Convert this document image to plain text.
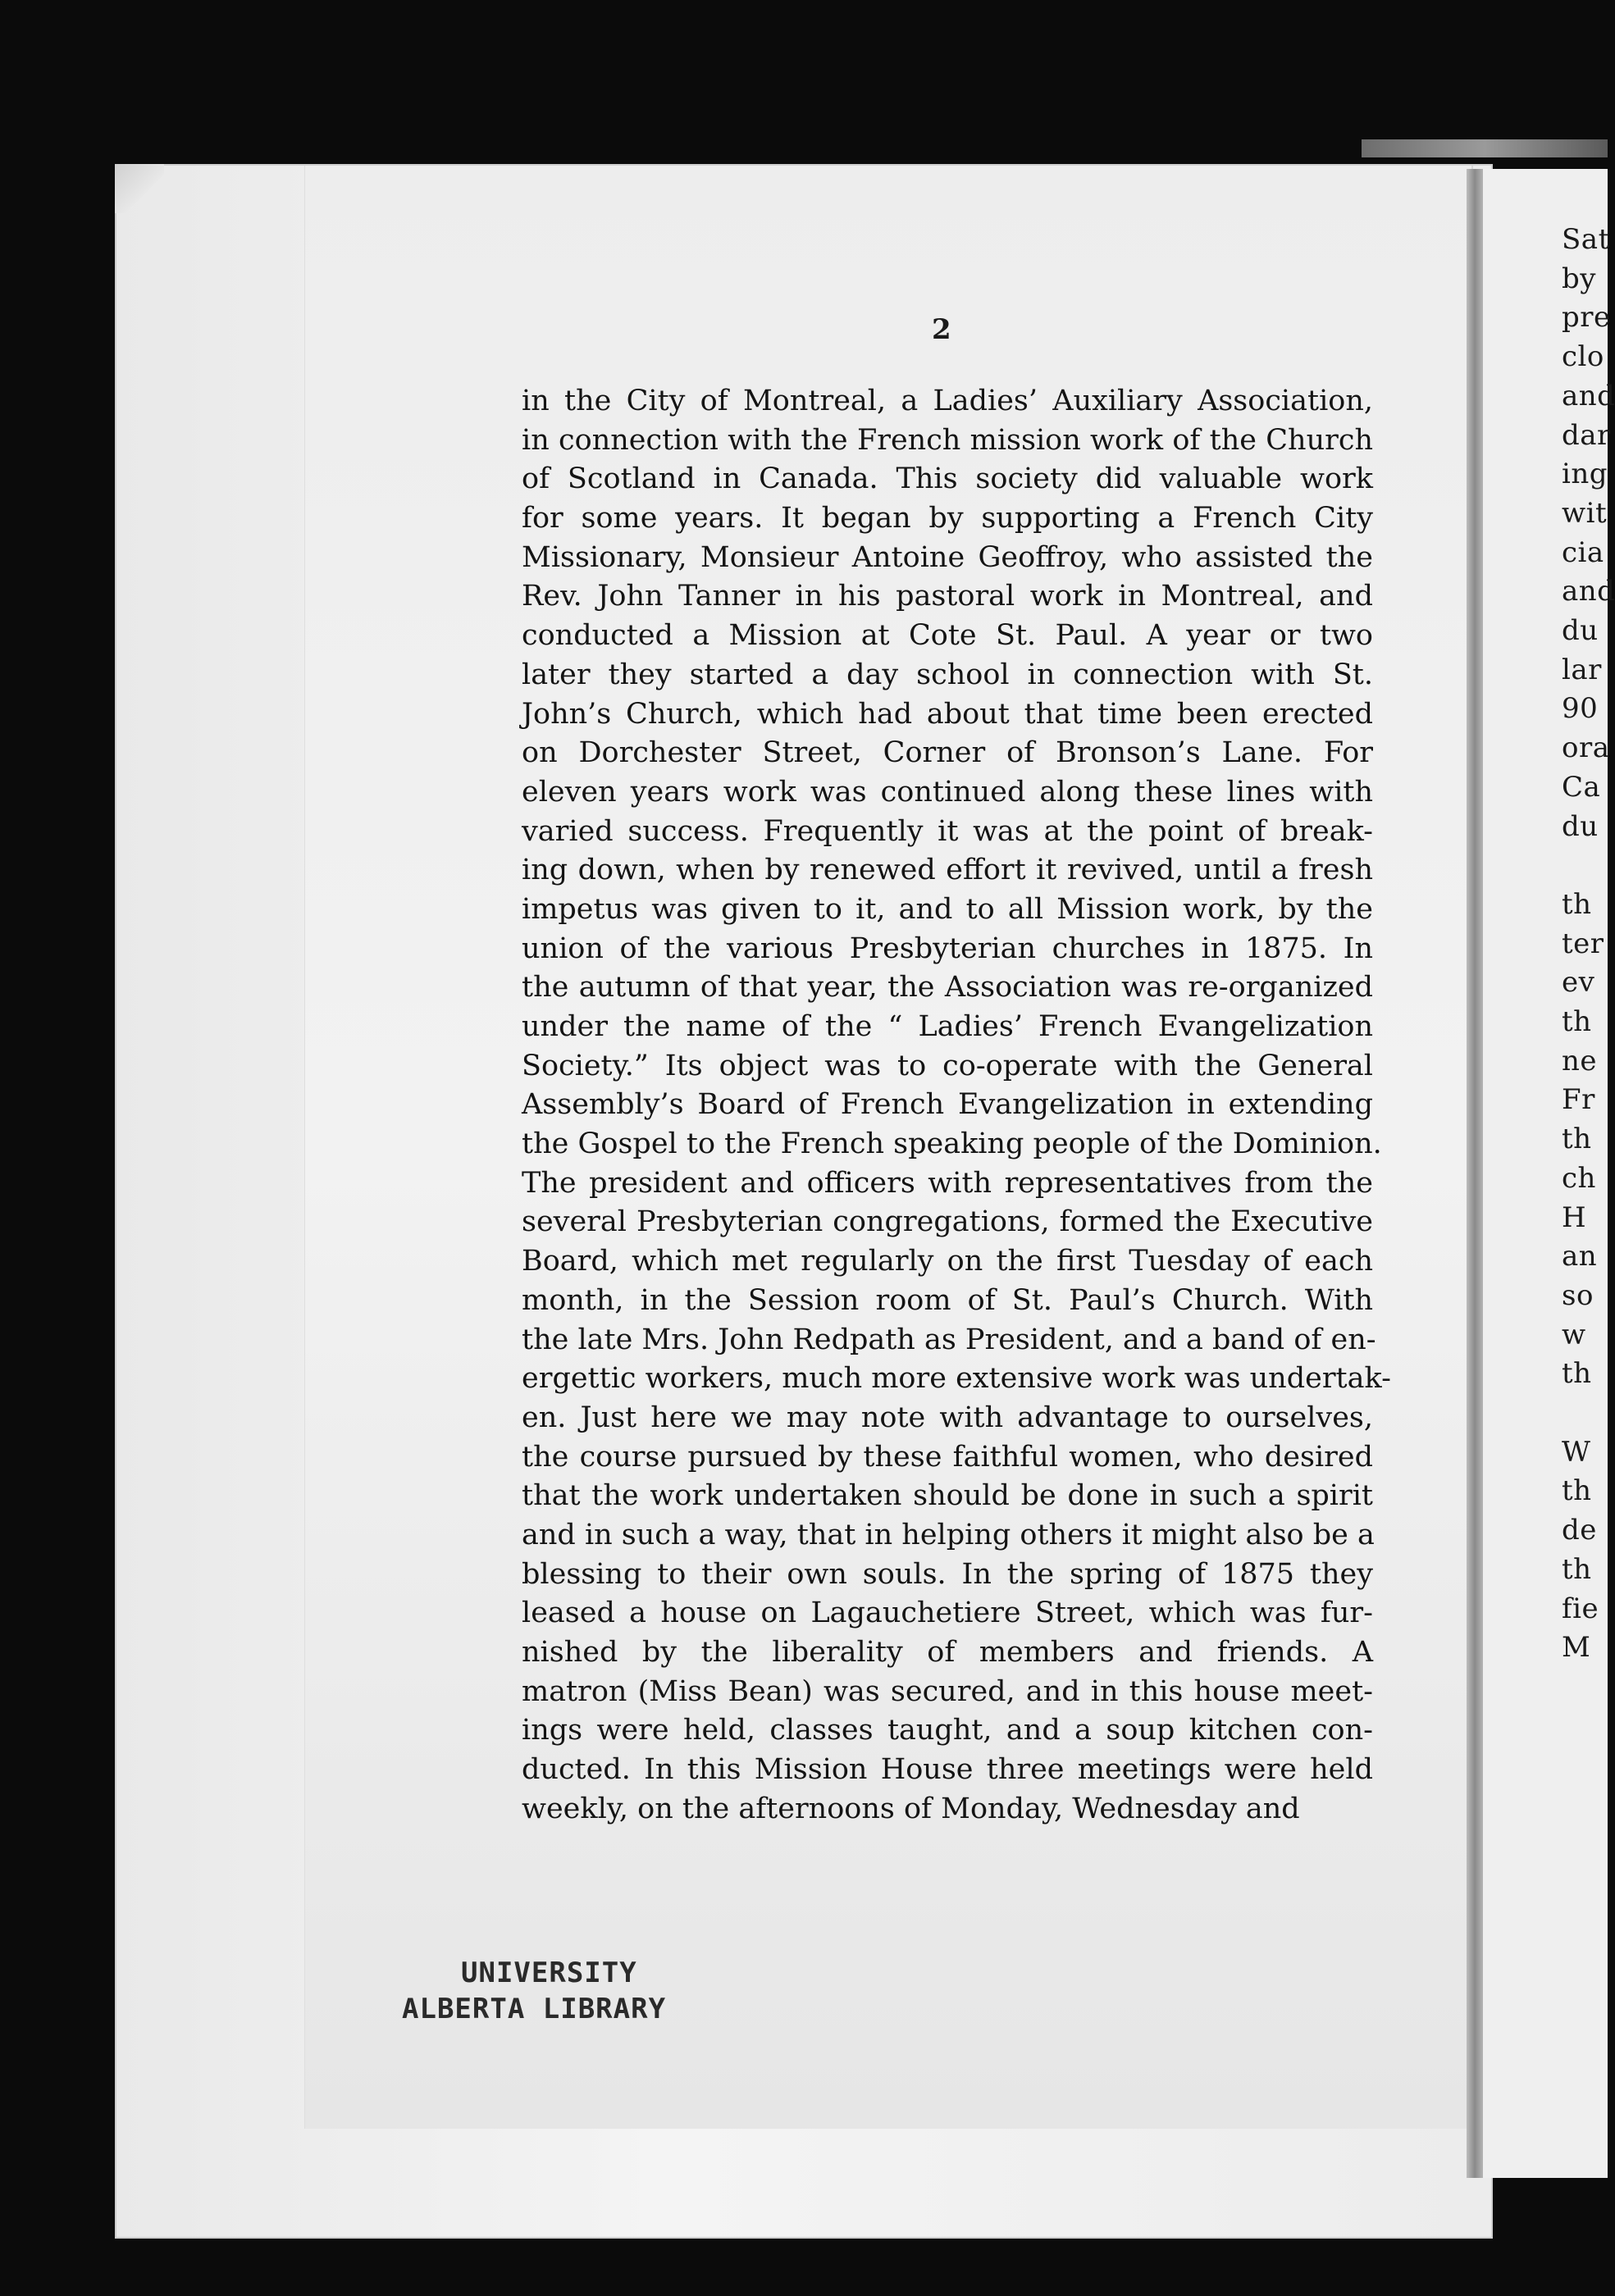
2
in the City of Montreal, a Ladies’ Auxiliary Association,
in connection with the French mission work of the Church
of Scotland in Canada. This society did valuable work
for some years. It began by supporting a French City
Missionary, Monsieur Antoine Geoffroy, who assisted the
Rev. John Tanner in his pastoral work in Montreal, and
conducted a Mission at Cote St. Paul. A year or two
later they started a day school in connection with St.
John’s Church, which had about that time been erected
on Dorchester Street, Corner of Bronson’s Lane. For
eleven years work was continued along these lines with
varied success. Frequently it was at the point of break-
ing down, when by renewed effort it revived, until a fresh
impetus was given to it, and to all Mission work, by the
union of the various Presbyterian churches in 1875. In
the autumn of that year, the Association was re-organized
under the name of the “ Ladies’ French Evangelization
Society.” Its object was to co-operate with the General
Assembly’s Board of French Evangelization in extending
the Gospel to the French speaking people of the Dominion.
The president and officers with representatives from the
several Presbyterian congregations, formed the Executive
Board, which met regularly on the first Tuesday of each
month, in the Session room of St. Paul’s Church. With
the late Mrs. John Redpath as President, and a band of en-
ergettic workers, much more extensive work was undertak-
en. Just here we may note with advantage to ourselves,
the course pursued by these faithful women, who desired
that the work undertaken should be done in such a spirit
and in such a way, that in helping others it might also be a
blessing to their own souls. In the spring of 1875 they
leased a house on Lagauchetiere Street, which was fur-
nished by the liberality of members and friends. A
matron (Miss Bean) was secured, and in this house meet-
ings were held, classes taught, and a soup kitchen con-
ducted. In this Mission House three meetings were held
weekly, on the afternoons of Monday, Wednesday and
UNIVERSITY
ALBERTA LIBRARY
Sat
by
pre
clo
and
dar
ing
wit
cia
and
du
lar
90
ora
Ca
du
th
ter
ev
th
ne
Fr
th
ch
H
an
so
w
th
W
th
de
th
fie
M
